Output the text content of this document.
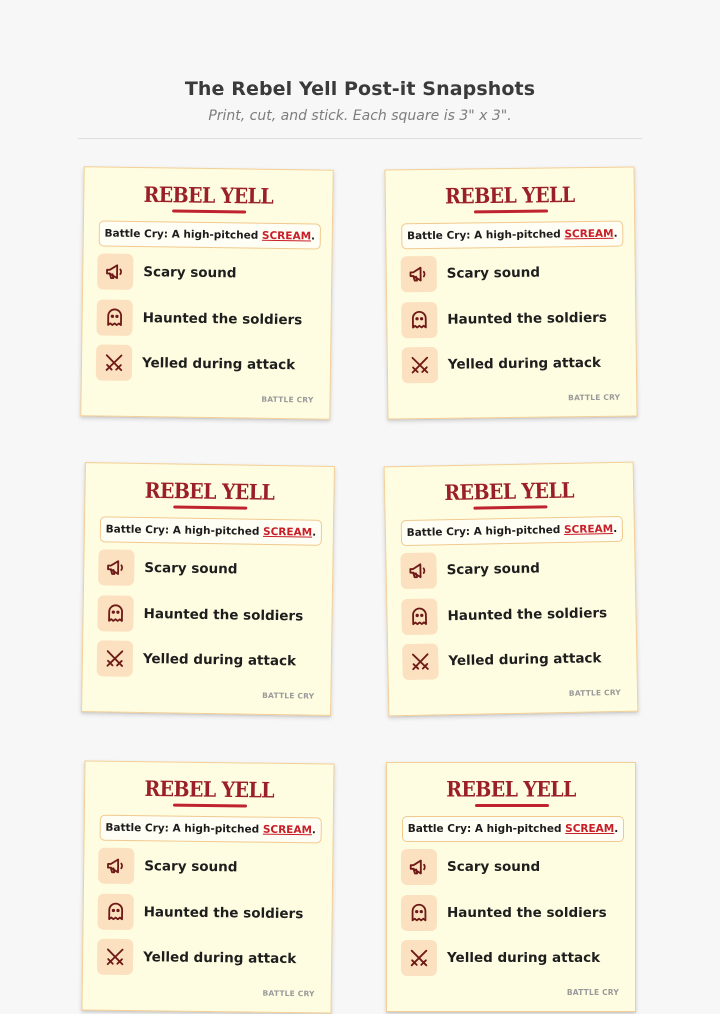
The Rebel Yell Post-it Snapshots
Print, cut, and stick. Each square is 3" x 3".
REBEL YELL
Battle Cry: A high-pitched SCREAM.
Scary sound
Haunted the soldiers
Yelled during attack
BATTLE CRY
REBEL YELL
Battle Cry: A high-pitched SCREAM.
Scary sound
Haunted the soldiers
Yelled during attack
BATTLE CRY
REBEL YELL
Battle Cry: A high-pitched SCREAM.
Scary sound
Haunted the soldiers
Yelled during attack
BATTLE CRY
REBEL YELL
Battle Cry: A high-pitched SCREAM.
Scary sound
Haunted the soldiers
Yelled during attack
BATTLE CRY
REBEL YELL
Battle Cry: A high-pitched SCREAM.
Scary sound
Haunted the soldiers
Yelled during attack
BATTLE CRY
REBEL YELL
Battle Cry: A high-pitched SCREAM.
Scary sound
Haunted the soldiers
Yelled during attack
BATTLE CRY
